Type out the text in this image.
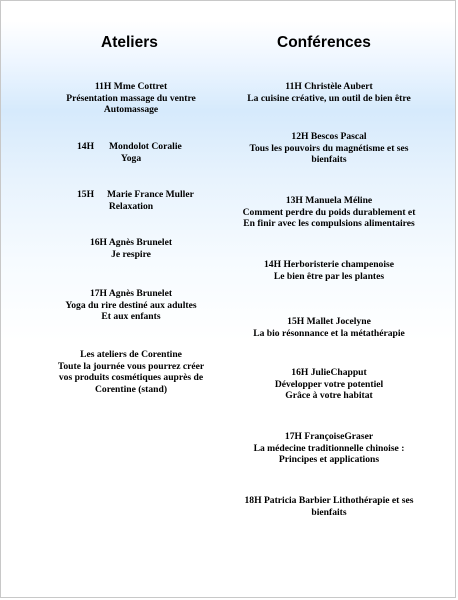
Ateliers	Conférences
11H Mme Cottret
Présentation massage du ventre
Automassage
14H Mondolot Coralie
Yoga
15H Marie France Muller
Relaxation
16H Agnès Brunelet
Je respire
17H Agnès Brunelet
Yoga du rire destiné aux adultes
Et aux enfants
Les ateliers de Corentine
Toute la journée vous pourrez créer
vos produits cosmétiques auprès de
Corentine (stand)
11H Christèle Aubert
La cuisine créative, un outil de bien être
12H Bescos Pascal
Tous les pouvoirs du magnétisme et ses
bienfaits
13H Manuela Méline
Comment perdre du poids durablement et
En finir avec les compulsions alimentaires
14H Herboristerie champenoise
Le bien être par les plantes
15H Mallet Jocelyne
La bio résonnance et la métathérapie
16H JulieChapput
Développer votre potentiel
Grâce à votre habitat
17H FrançoiseGraser
La médecine traditionnelle chinoise :
Principes et applications
18H Patricia Barbier Lithothérapie et ses
bienfaits
